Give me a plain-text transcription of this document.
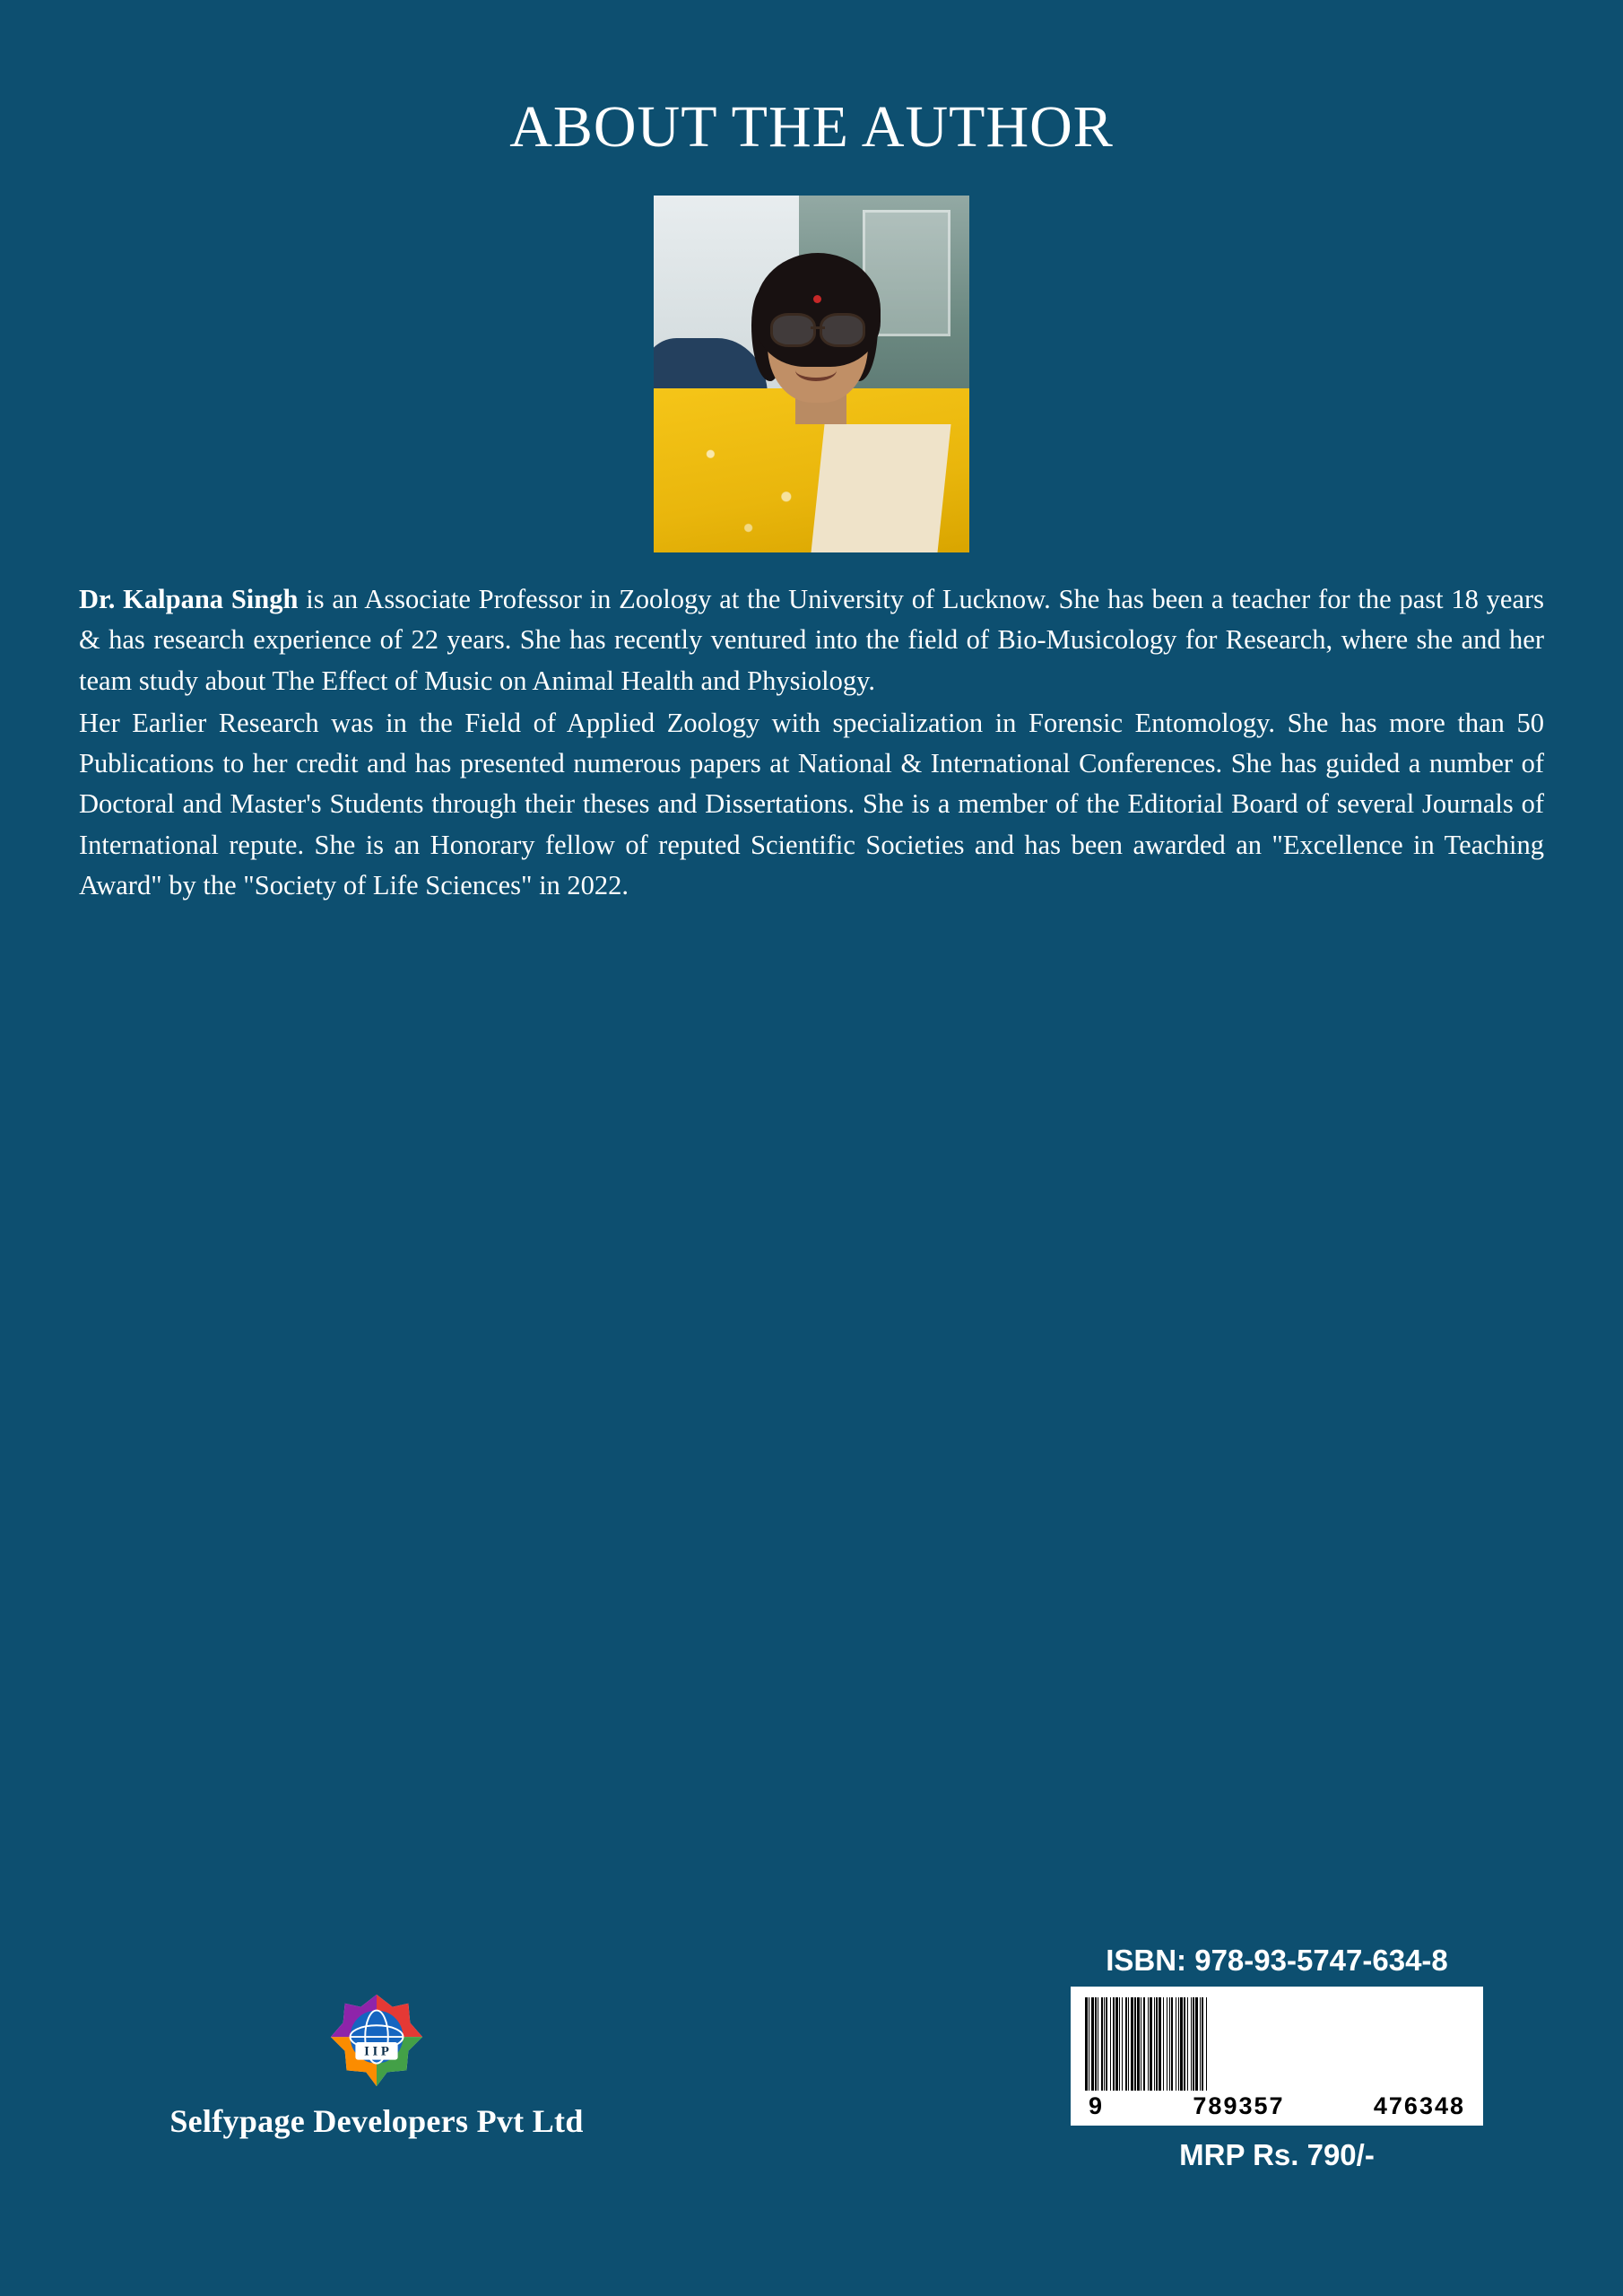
ABOUT THE AUTHOR

Dr. Kalpana Singh is an Associate Professor in Zoology at the University of Lucknow. She has been a teacher for the past 18 years & has research experience of 22 years. She has recently ventured into the field of Bio-Musicology for Research, where she and her team study about The Effect of Music on Animal Health and Physiology.

Her Earlier Research was in the Field of Applied Zoology with specialization in Forensic Entomology. She has more than 50 Publications to her credit and has presented numerous papers at National & International Conferences. She has guided a number of Doctoral and Master's Students through their theses and Dissertations. She is a member of the Editorial Board of several Journals of International repute. She is an Honorary fellow of reputed Scientific Societies and has been awarded an "Excellence in Teaching Award" by the "Society of Life Sciences" in 2022.

I I P
Selfypage Developers Pvt Ltd
ISBN: 978-93-5747-634-8
9	789357	476348
MRP Rs. 790/-
